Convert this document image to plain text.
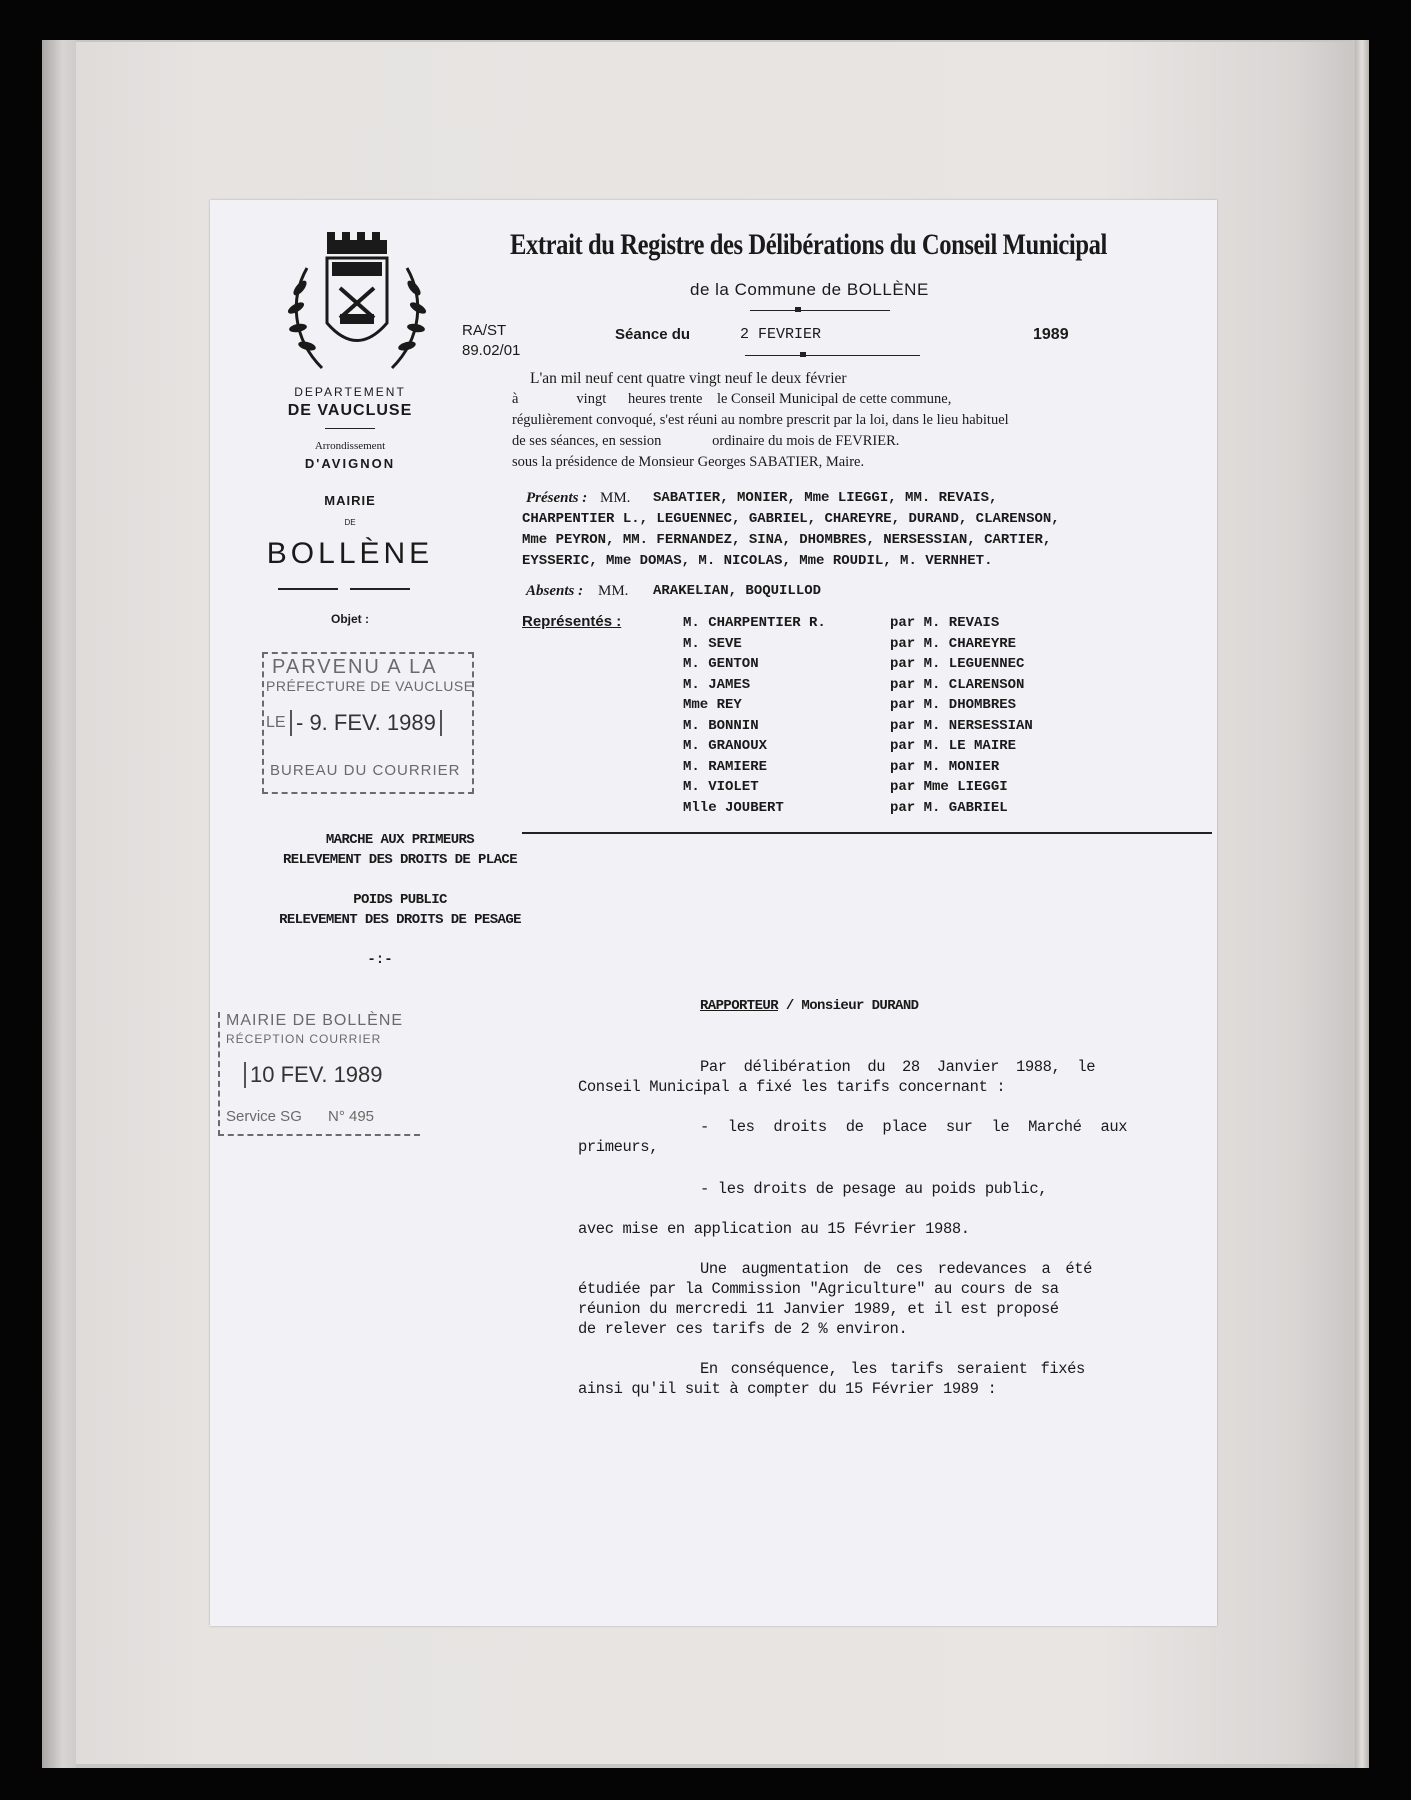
DEPARTEMENT
DE VAUCLUSE
Arrondissement
D'AVIGNON
MAIRIE
DE
BOLLÈNE
Objet :
Extrait du Registre des Délibérations du Conseil Municipal
de la Commune de BOLLÈNE
RA/ST
89.02/01
Séance du	2 FEVRIER	1989
L'an mil neuf cent quatre vingt neuf le deux février
à                vingt      heures trente    le Conseil Municipal de cette commune,
régulièrement convoqué, s'est réuni au nombre prescrit par la loi, dans le lieu habituel
de ses séances, en session              ordinaire du mois de FEVRIER.
sous la présidence de Monsieur Georges SABATIER, Maire.
Présents : MM. SABATIER, MONIER, Mme LIEGGI, MM. REVAIS,
CHARPENTIER L., LEGUENNEC, GABRIEL, CHAREYRE, DURAND, CLARENSON,
Mme PEYRON, MM. FERNANDEZ, SINA, DHOMBRES, NERSESSIAN, CARTIER,
EYSSERIC, Mme DOMAS, M. NICOLAS, Mme ROUDIL, M. VERNHET.
Absents : MM. ARAKELIAN, BOQUILLOD
Représentés :	M. CHARPENTIER R.	par M. REVAIS
M. SEVE	par M. CHAREYRE
M. GENTON	par M. LEGUENNEC
M. JAMES	par M. CLARENSON
Mme REY	par M. DHOMBRES
M. BONNIN	par M. NERSESSIAN
M. GRANOUX	par M. LE MAIRE
M. RAMIERE	par M. MONIER
M. VIOLET	par Mme LIEGGI
Mlle JOUBERT	par M. GABRIEL
PARVENU A LA
PRÉFECTURE DE VAUCLUSE
LE - 9. FEV. 1989
BUREAU DU COURRIER
MARCHE AUX PRIMEURS
RELEVEMENT DES DROITS DE PLACE
POIDS PUBLIC
RELEVEMENT DES DROITS DE PESAGE
-:-
MAIRIE DE BOLLÈNE
RÉCEPTION COURRIER
10 FEV. 1989
Service SG N° 495
RAPPORTEUR / Monsieur DURAND
Par délibération du 28 Janvier 1988, le
Conseil Municipal a fixé les tarifs concernant :
- les droits de place sur le Marché aux
primeurs,
- les droits de pesage au poids public,
avec mise en application au 15 Février 1988.
Une augmentation de ces redevances a été
étudiée par la Commission "Agriculture" au cours de sa
réunion du mercredi 11 Janvier 1989, et il est proposé
de relever ces tarifs de 2 % environ.
En conséquence, les tarifs seraient fixés
ainsi qu'il suit à compter du 15 Février 1989 :
